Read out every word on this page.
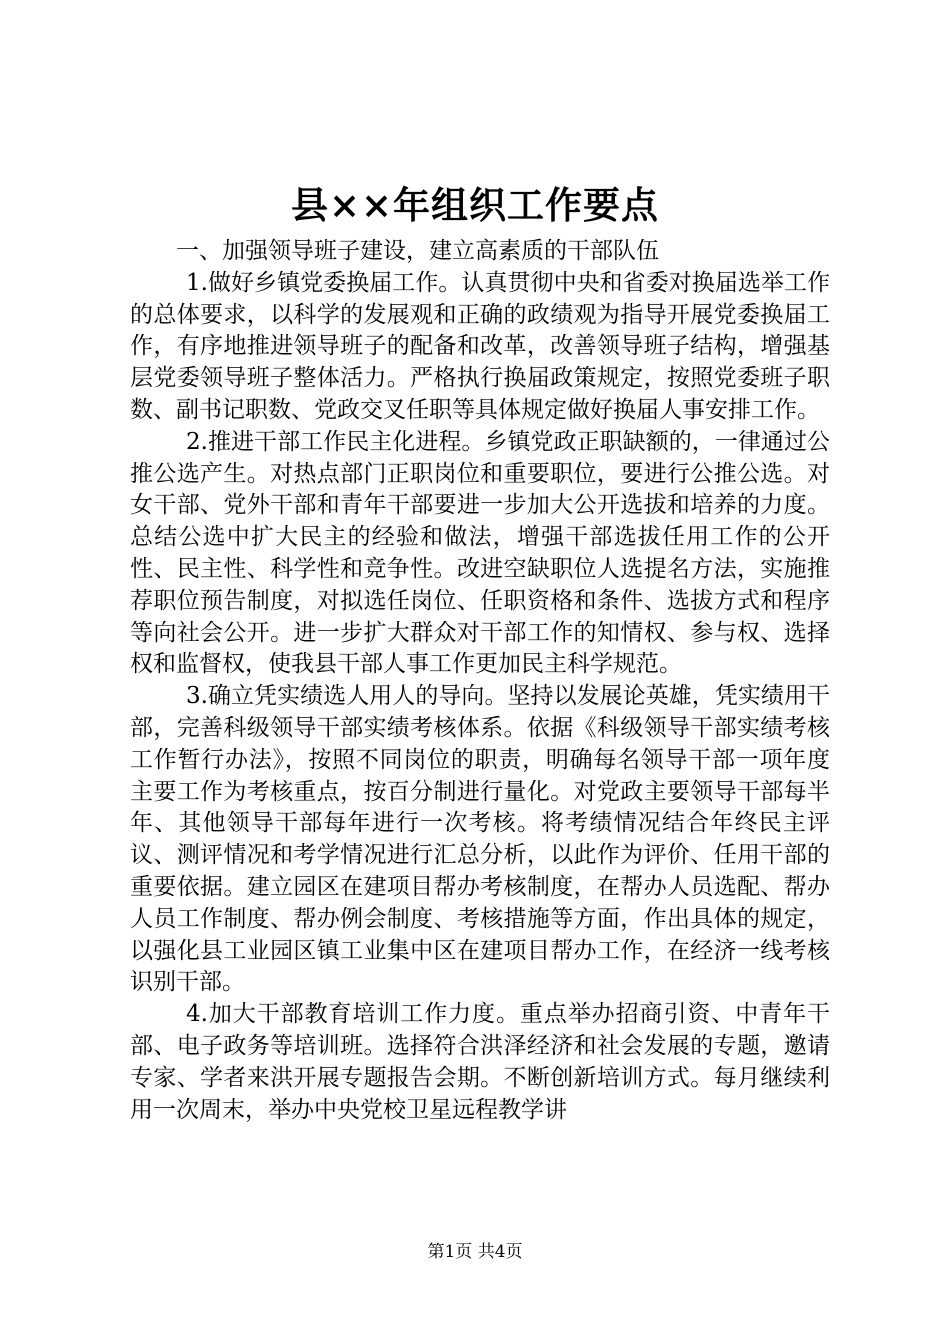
县××年组织工作要点

一、加强领导班子建设，建立高素质的干部队伍

1.做好乡镇党委换届工作。认真贯彻中央和省委对换届选举工作的总体要求，以科学的发展观和正确的政绩观为指导开展党委换届工作，有序地推进领导班子的配备和改革，改善领导班子结构，增强基层党委领导班子整体活力。严格执行换届政策规定，按照党委班子职数、副书记职数、党政交叉任职等具体规定做好换届人事安排工作。

2.推进干部工作民主化进程。乡镇党政正职缺额的，一律通过公推公选产生。对热点部门正职岗位和重要职位，要进行公推公选。对女干部、党外干部和青年干部要进一步加大公开选拔和培养的力度。总结公选中扩大民主的经验和做法，增强干部选拔任用工作的公开性、民主性、科学性和竞争性。改进空缺职位人选提名方法，实施推荐职位预告制度，对拟选任岗位、任职资格和条件、选拔方式和程序等向社会公开。进一步扩大群众对干部工作的知情权、参与权、选择权和监督权，使我县干部人事工作更加民主科学规范。

3.确立凭实绩选人用人的导向。坚持以发展论英雄，凭实绩用干部，完善科级领导干部实绩考核体系。依据《科级领导干部实绩考核工作暂行办法》，按照不同岗位的职责，明确每名领导干部一项年度主要工作为考核重点，按百分制进行量化。对党政主要领导干部每半年、其他领导干部每年进行一次考核。将考绩情况结合年终民主评议、测评情况和考学情况进行汇总分析，以此作为评价、任用干部的重要依据。建立园区在建项目帮办考核制度，在帮办人员选配、帮办人员工作制度、帮办例会制度、考核措施等方面，作出具体的规定，以强化县工业园区镇工业集中区在建项目帮办工作，在经济一线考核识别干部。

4.加大干部教育培训工作力度。重点举办招商引资、中青年干部、电子政务等培训班。选择符合洪泽经济和社会发展的专题，邀请专家、学者来洪开展专题报告会期。不断创新培训方式。每月继续利用一次周末，举办中央党校卫星远程教学讲

第1页 共4页
